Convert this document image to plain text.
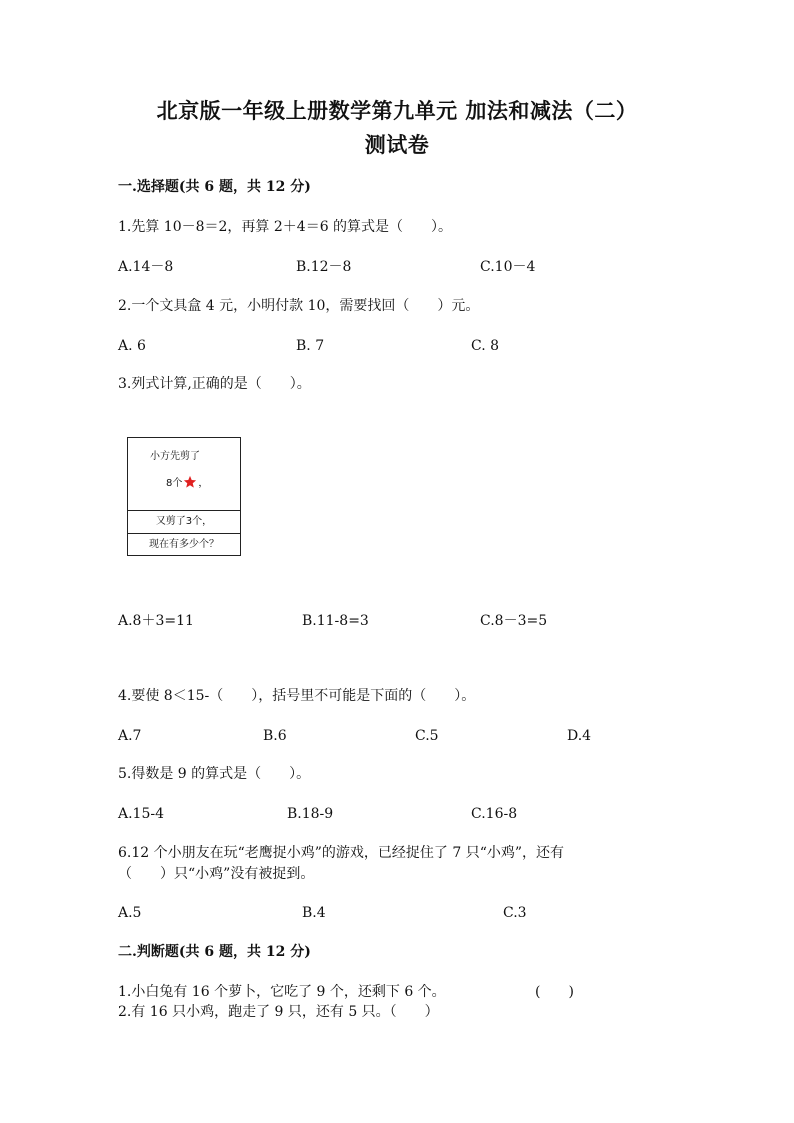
北京版一年级上册数学第九单元 加法和减法（二）
测试卷
一.选择题(共 6 题，共 12 分)
1.先算 10－8＝2，再算 2＋4＝6 的算式是（　　）。
A.14－8	B.12－8	C.10－4
2.一个文具盒 4 元，小明付款 10，需要找回（　　）元。
A. 6	B. 7	C. 8
3.列式计算,正确的是（　　）。
小方先剪了
8个 ，
又剪了3个，
现在有多少个？
A.8＋3=11	B.11-8=3	C.8－3=5
4.要使 8＜15-（　　），括号里不可能是下面的（　　）。
A.7	B.6	C.5	D.4
5.得数是 9 的算式是（　　）。
A.15-4	B.18-9	C.16-8
6.12 个小朋友在玩“老鹰捉小鸡”的游戏，已经捉住了 7 只“小鸡”，还有
（　　）只“小鸡”没有被捉到。
A.5	B.4	C.3
二.判断题(共 6 题，共 12 分)
1.小白兔有 16 个萝卜，它吃了 9 个，还剩下 6 个。	(　　)
2.有 16 只小鸡，跑走了 9 只，还有 5 只。（　　）
